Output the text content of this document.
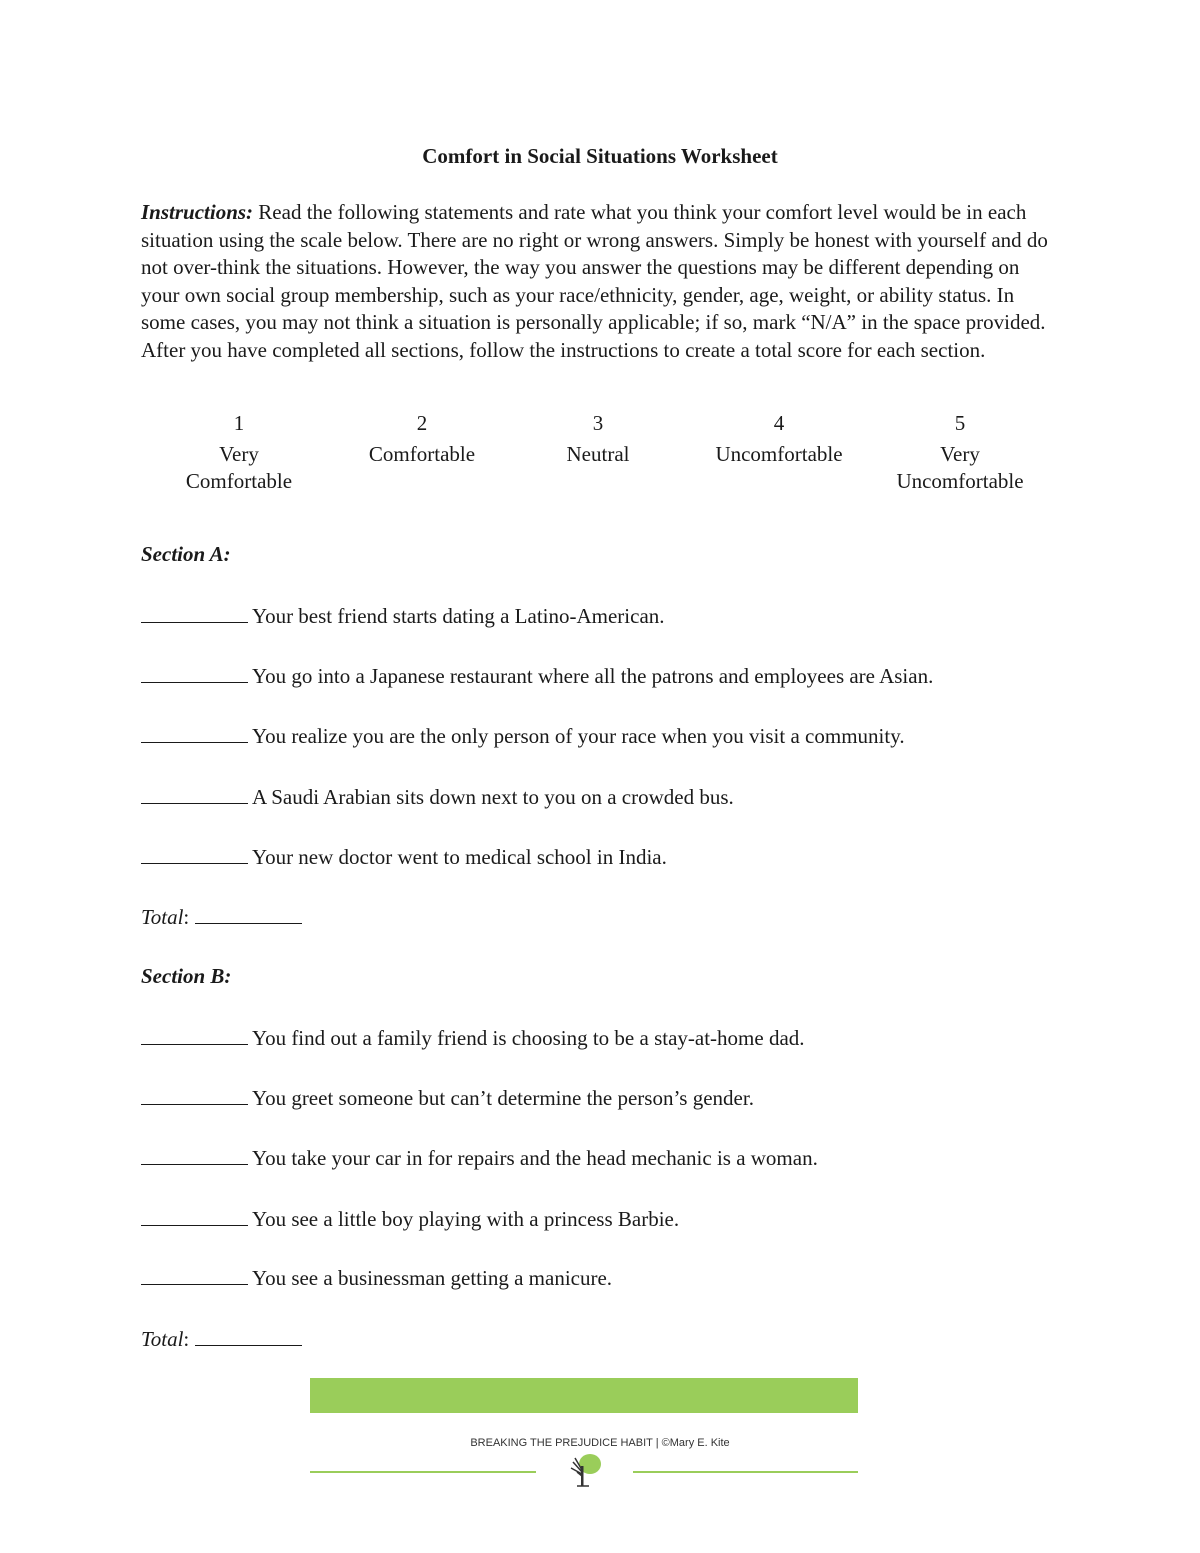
Comfort in Social Situations Worksheet
Instructions: Read the following statements and rate what you think your comfort level would be in each situation using the scale below. There are no right or wrong answers. Simply be honest with yourself and do not over-think the situations. However, the way you answer the questions may be different depending on your own social group membership, such as your race/ethnicity, gender, age, weight, or ability status. In some cases, you may not think a situation is personally applicable; if so, mark “N/A” in the space provided. After you have completed all sections, follow the instructions to create a total score for each section.
1
Very
Comfortable
2
Comfortable
3
Neutral
4
Uncomfortable
5
Very
Uncomfortable
Section A:
Your best friend starts dating a Latino-American.
You go into a Japanese restaurant where all the patrons and employees are Asian.
You realize you are the only person of your race when you visit a community.
A Saudi Arabian sits down next to you on a crowded bus.
Your new doctor went to medical school in India.
Total:
Section B:
You find out a family friend is choosing to be a stay-at-home dad.
You greet someone but can’t determine the person’s gender.
You take your car in for repairs and the head mechanic is a woman.
You see a little boy playing with a princess Barbie.
You see a businessman getting a manicure.
Total:
BREAKING THE PREJUDICE HABIT | ©Mary E. Kite
